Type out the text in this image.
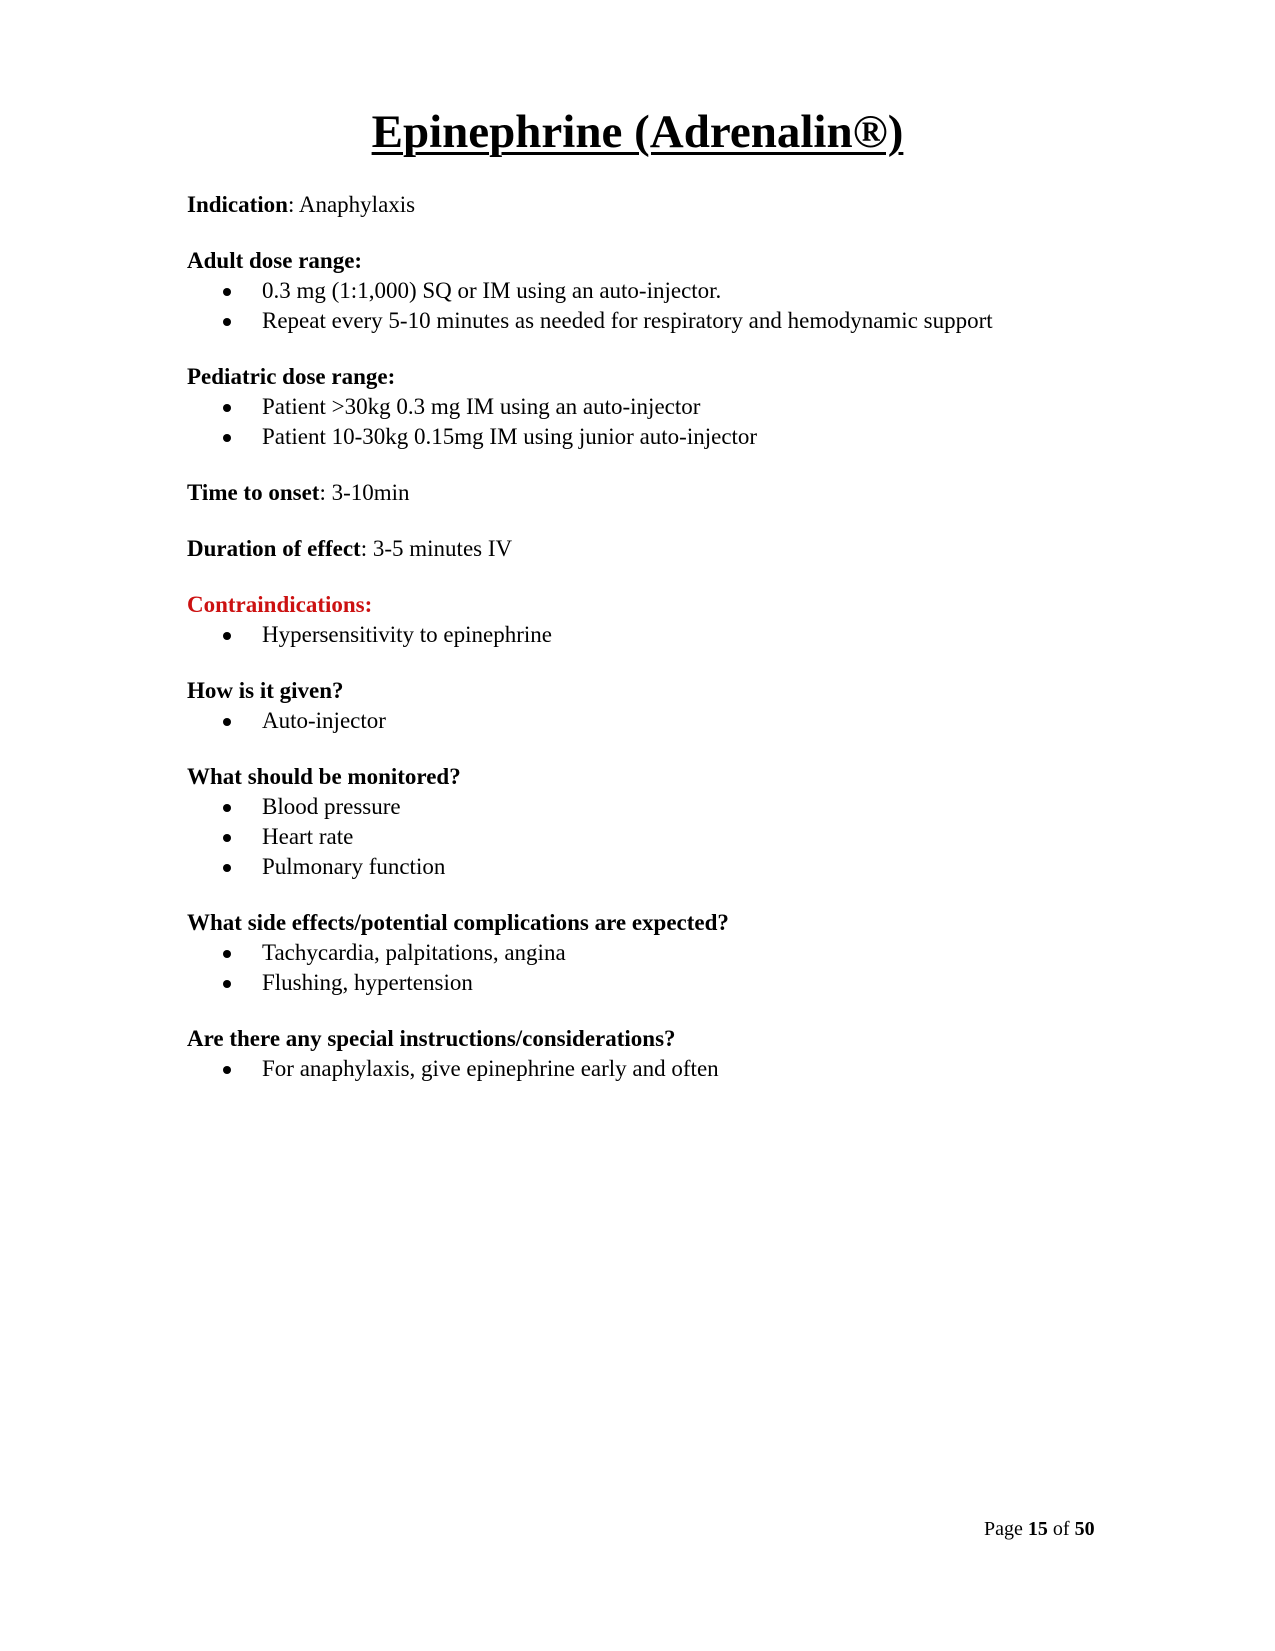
Epinephrine (Adrenalin®)

Indication: Anaphylaxis

Adult dose range:

0.3 mg (1:1,000) SQ or IM using an auto-injector.
Repeat every 5-10 minutes as needed for respiratory and hemodynamic support

Pediatric dose range:

Patient >30kg 0.3 mg IM using an auto-injector
Patient 10-30kg 0.15mg IM using junior auto-injector

Time to onset: 3-10min

Duration of effect: 3-5 minutes IV

Contraindications:

Hypersensitivity to epinephrine

How is it given?

Auto-injector

What should be monitored?

Blood pressure
Heart rate
Pulmonary function

What side effects/potential complications are expected?

Tachycardia, palpitations, angina
Flushing, hypertension

Are there any special instructions/considerations?

For anaphylaxis, give epinephrine early and often
Page 15 of 50
